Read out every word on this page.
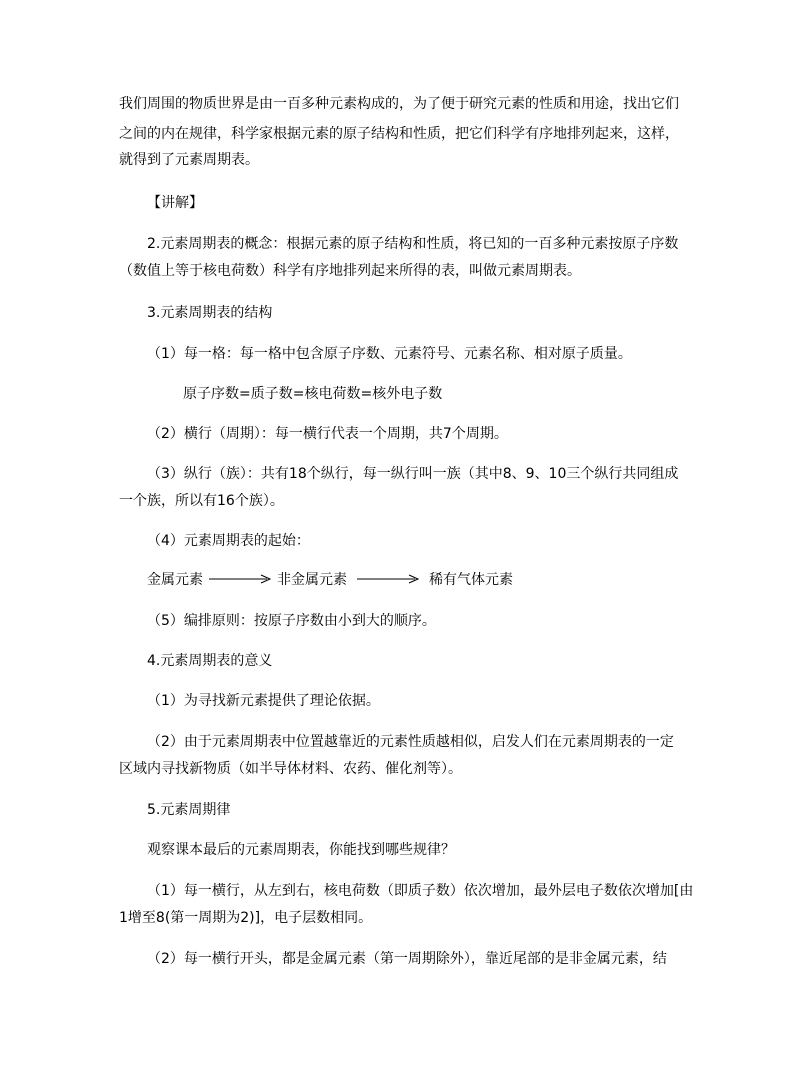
我们周围的物质世界是由一百多种元素构成的，为了便于研究元素的性质和用途，找出它们

之间的内在规律，科学家根据元素的原子结构和性质，把它们科学有序地排列起来，这样，

就得到了元素周期表。

【讲解】

2.元素周期表的概念：根据元素的原子结构和性质，将已知的一百多种元素按原子序数

（数值上等于核电荷数）科学有序地排列起来所得的表，叫做元素周期表。

3.元素周期表的结构

（1）每一格：每一格中包含原子序数、元素符号、元素名称、相对原子质量。

原子序数=质子数=核电荷数=核外电子数

（2）横行（周期）：每一横行代表一个周期，共7个周期。

（3）纵行（族）：共有18个纵行，每一纵行叫一族（其中8、9、10三个纵行共同组成

一个族，所以有16个族）。

（4）元素周期表的起始：

金属元素	非金属元素	稀有气体元素

（5）编排原则：按原子序数由小到大的顺序。

4.元素周期表的意义

（1）为寻找新元素提供了理论依据。

（2）由于元素周期表中位置越靠近的元素性质越相似，启发人们在元素周期表的一定

区域内寻找新物质（如半导体材料、农药、催化剂等）。

5.元素周期律

观察课本最后的元素周期表，你能找到哪些规律？

（1）每一横行，从左到右，核电荷数（即质子数）依次增加，最外层电子数依次增加[由

1增至8(第一周期为2)]，电子层数相同。

（2）每一横行开头，都是金属元素（第一周期除外），靠近尾部的是非金属元素，结
